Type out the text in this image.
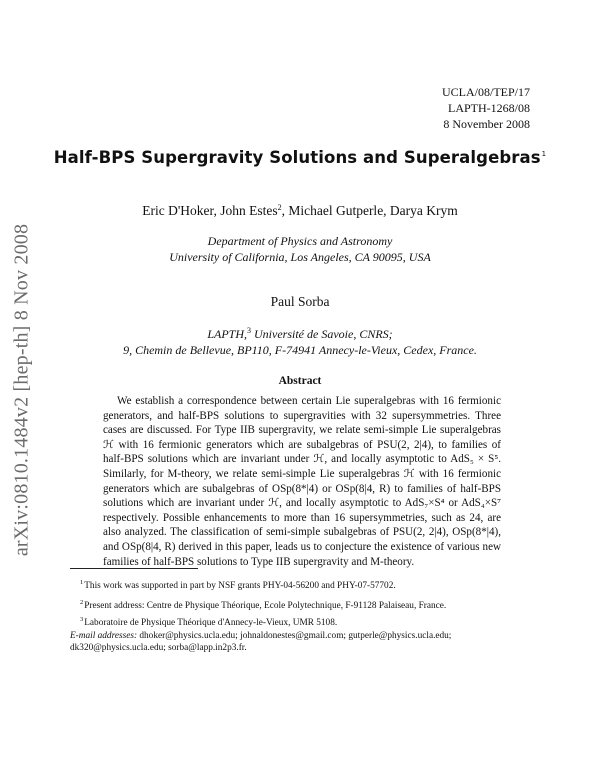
arXiv:0810.1484v2 [hep-th] 8 Nov 2008
UCLA/08/TEP/17
LAPTH-1268/08
8 November 2008
Half-BPS Supergravity Solutions and Superalgebras$^1$
Eric D'Hoker, John Estes$^2$, Michael Gutperle, Darya Krym
Department of Physics and Astronomy
University of California, Los Angeles, CA 90095, USA
Paul Sorba
LAPTH,$^3$ Université de Savoie, CNRS;
9, Chemin de Bellevue, BP110, F-74941 Annecy-le-Vieux, Cedex, France.
Abstract
We establish a correspondence between certain Lie superalgebras with 16 fermionic generators, and half-BPS solutions to supergravities with 32 supersymmetries. Three cases are discussed. For Type IIB supergravity, we relate semi-simple Lie superalgebras ℋ with 16 fermionic generators which are subalgebras of PSU(2, 2|4), to families of half-BPS solutions which are invariant under ℋ, and locally asymptotic to AdS₅ × S⁵. Similarly, for M-theory, we relate semi-simple Lie superalgebras ℋ with 16 fermionic generators which are subalgebras of OSp(8*|4) or OSp(8|4, R) to families of half-BPS solutions which are invariant under ℋ, and locally asymptotic to AdS₇×S⁴ or AdS₄×S⁷ respectively. Possible enhancements to more than 16 supersymmetries, such as 24, are also analyzed. The classification of semi-simple subalgebras of PSU(2, 2|4), OSp(8*|4), and OSp(8|4, R) derived in this paper, leads us to conjecture the existence of various new families of half-BPS solutions to Type IIB supergravity and M-theory.

$^1$This work was supported in part by NSF grants PHY-04-56200 and PHY-07-57702.

$^2$Present address: Centre de Physique Théorique, Ecole Polytechnique, F-91128 Palaiseau, France.

$^3$Laboratoire de Physique Théorique d'Annecy-le-Vieux, UMR 5108.

E-mail addresses: dhoker@physics.ucla.edu; johnaldonestes@gmail.com; gutperle@physics.ucla.edu;
dk320@physics.ucla.edu; sorba@lapp.in2p3.fr.
